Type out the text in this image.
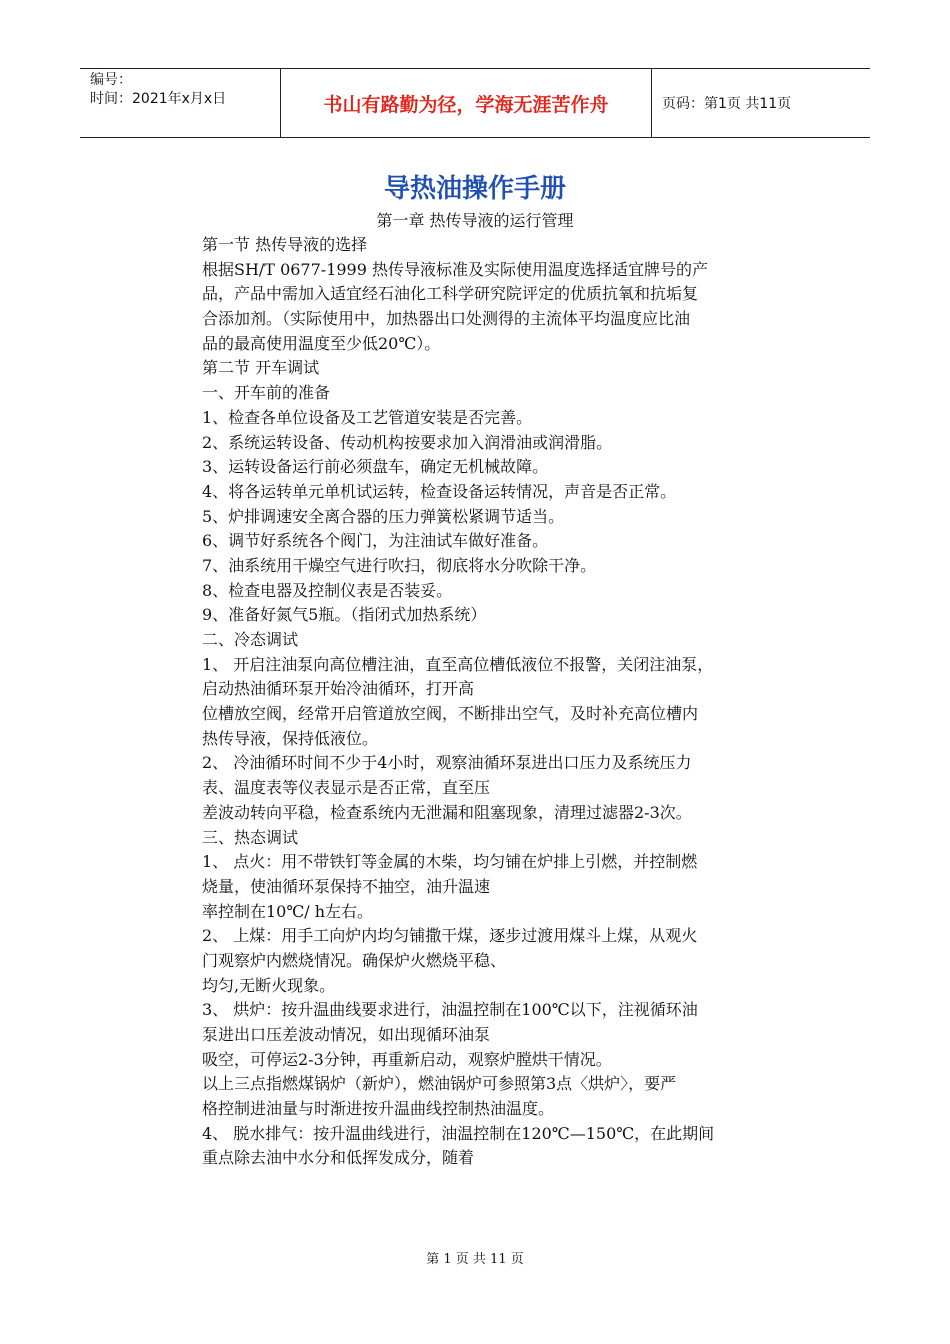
编号：
时间：2021年x月x日	书山有路勤为径，学海无涯苦作舟	页码：第1页 共11页
导热油操作手册
第一章 热传导液的运行管理
第一节 热传导液的选择
根据SH/T 0677-1999 热传导液标准及实际使用温度选择适宜牌号的产
品，产品中需加入适宜经石油化工科学研究院评定的优质抗氧和抗垢复
合添加剂。（实际使用中，加热器出口处测得的主流体平均温度应比油
品的最高使用温度至少低20℃）。
第二节 开车调试
一、开车前的准备
1、检查各单位设备及工艺管道安装是否完善。
2、系统运转设备、传动机构按要求加入润滑油或润滑脂。
3、运转设备运行前必须盘车，确定无机械故障。
4、将各运转单元单机试运转，检查设备运转情况，声音是否正常。
5、炉排调速安全离合器的压力弹簧松紧调节适当。
6、调节好系统各个阀门，为注油试车做好准备。
7、油系统用干燥空气进行吹扫，彻底将水分吹除干净。
8、检查电器及控制仪表是否装妥。
9、准备好氮气5瓶。（指闭式加热系统）
二、冷态调试
1、 开启注油泵向高位槽注油，直至高位槽低液位不报警，关闭注油泵，
启动热油循环泵开始冷油循环，打开高
位槽放空阀，经常开启管道放空阀，不断排出空气，及时补充高位槽内
热传导液，保持低液位。
2、 冷油循环时间不少于4小时，观察油循环泵进出口压力及系统压力
表、温度表等仪表显示是否正常，直至压
差波动转向平稳，检查系统内无泄漏和阻塞现象，清理过滤器2-3次。
三、热态调试
1、 点火：用不带铁钉等金属的木柴，均匀铺在炉排上引燃，并控制燃
烧量，使油循环泵保持不抽空，油升温速
率控制在10℃/ h左右。
2、 上煤：用手工向炉内均匀铺撒干煤，逐步过渡用煤斗上煤，从观火
门观察炉内燃烧情况。确保炉火燃烧平稳、
均匀,无断火现象。
3、 烘炉：按升温曲线要求进行，油温控制在100℃以下，注视循环油
泵进出口压差波动情况，如出现循环油泵
吸空，可停运2-3分钟，再重新启动，观察炉膛烘干情况。
以上三点指燃煤锅炉（新炉），燃油锅炉可参照第3点〈烘炉〉，要严
格控制进油量与时渐进按升温曲线控制热油温度。
4、 脱水排气：按升温曲线进行，油温控制在120℃—150℃，在此期间
重点除去油中水分和低挥发成分，随着
第 1 页 共 11 页
